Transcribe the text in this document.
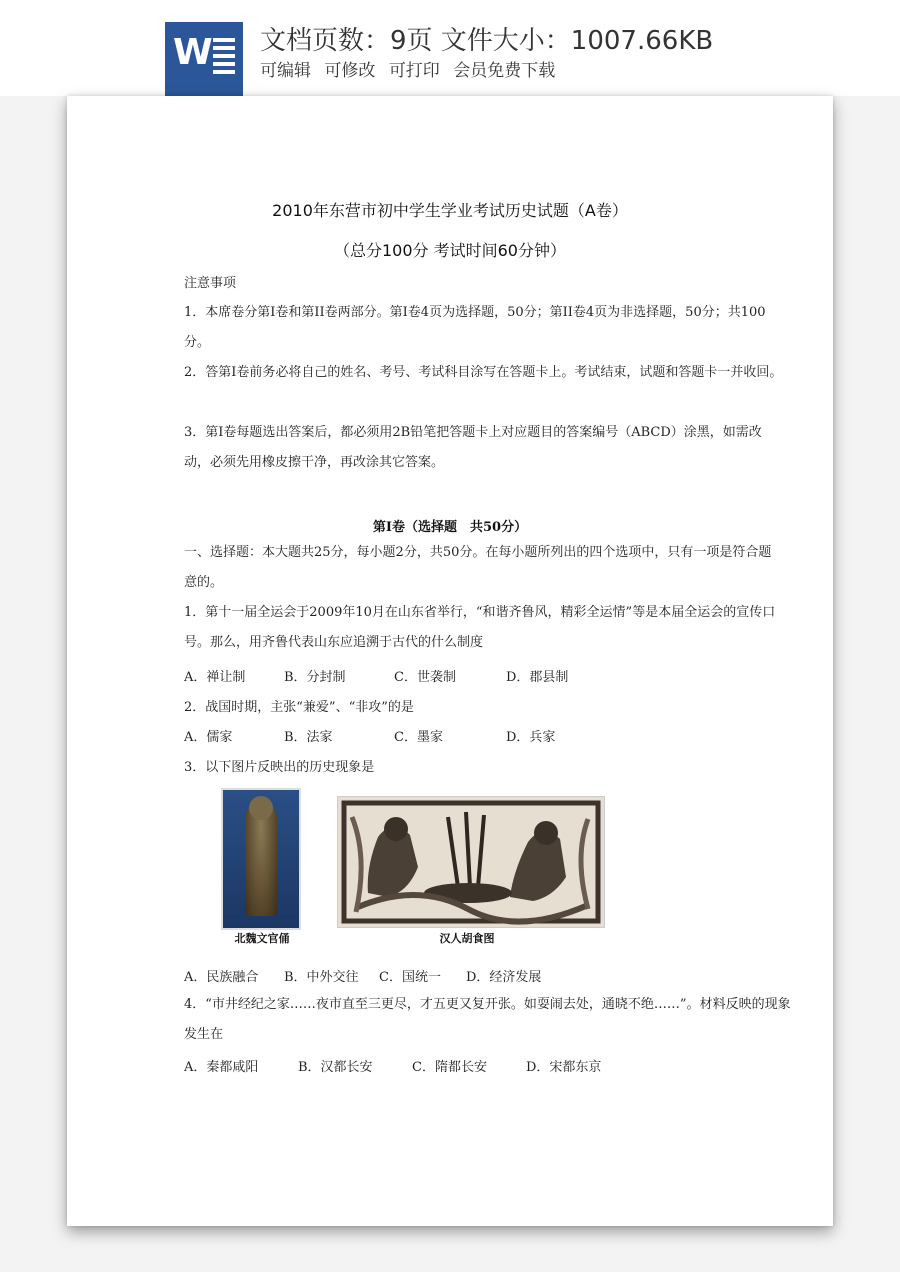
W 文档页数：9页 文件大小：1007.66KB
可编辑 可修改 可打印 会员免费下载
2010年东营市初中学生学业考试历史试题（A卷）
（总分100分 考试时间60分钟）
注意事项
1．本席卷分第Ⅰ卷和第II卷两部分。第Ⅰ卷4页为选择题，50分；第II卷4页为非选择题，50分；共100分。
2．答第Ⅰ卷前务必将自己的姓名、考号、考试科目涂写在答题卡上。考试结束，试题和答题卡一并收回。
3．第Ⅰ卷每题选出答案后，都必须用2B铅笔把答题卡上对应题目的答案编号（ABCD）涂黑，如需改动，必须先用橡皮擦干净，再改涂其它答案。
第Ⅰ卷（选择题　共50分）
一、选择题：本大题共25分，每小题2分，共50分。在每小题所列出的四个选项中，只有一项是符合题意的。
1．第十一届全运会于2009年10月在山东省举行，“和谐齐鲁风，精彩全运情”等是本届全运会的宣传口号。那么，用齐鲁代表山东应追溯于古代的什么制度
A．禅让制	B．分封制	C．世袭制	D．郡县制
2．战国时期，主张“兼爱”、“非攻”的是
A．儒家	B．法家	C．墨家	D．兵家
3．以下图片反映出的历史现象是
北魏文官俑	汉人胡食图
A．民族融合 B．中外交往 C．国统一 D．经济发展
4．“市井经纪之家……夜市直至三更尽，才五更又复开张。如耍闹去处，通晓不绝……”。材料反映的现象发生在
A．秦都咸阳	B．汉都长安	C．隋都长安	D．宋都东京
